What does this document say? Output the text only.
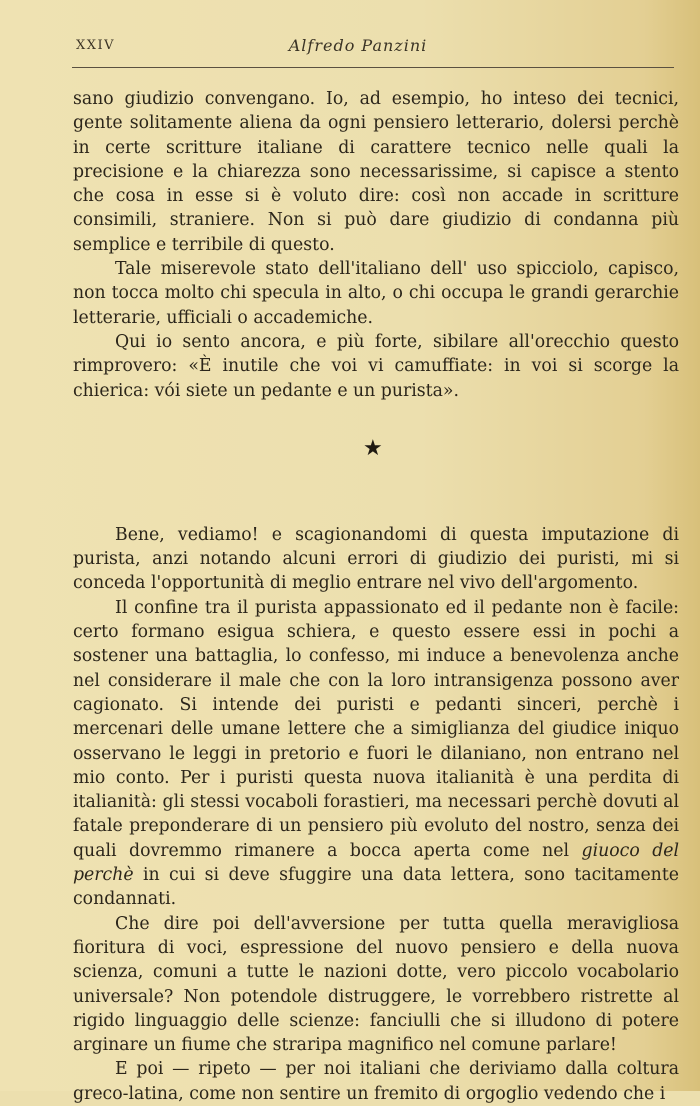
XXIV	Alfredo Panzini

sano giudizio convengano. Io, ad esempio, ho inteso dei tecnici, gente solitamente aliena da ogni pensiero letterario, dolersi perchè in certe scritture italiane di carattere tecnico nelle quali la precisione e la chiarezza sono necessarissime, si capisce a stento che cosa in esse si è voluto dire: così non accade in scritture consimili, straniere. Non si può dare giudizio di condanna più semplice e terribile di questo.

Tale miserevole stato dell'italiano dell' uso spicciolo, capisco, non tocca molto chi specula in alto, o chi occupa le grandi gerarchie letterarie, ufficiali o accademiche.

Qui io sento ancora, e più forte, sibilare all'orecchio questo rimprovero: «È inutile che voi vi camuffiate: in voi si scorge la chierica: vói siete un pedante e un purista».

★

Bene, vediamo! e scagionandomi di questa imputazione di purista, anzi notando alcuni errori di giudizio dei puristi, mi si conceda l'opportunità di meglio entrare nel vivo dell'argomento.

Il confine tra il purista appassionato ed il pedante non è facile: certo formano esigua schiera, e questo essere essi in pochi a sostener una battaglia, lo confesso, mi induce a benevolenza anche nel considerare il male che con la loro intransigenza possono aver cagionato. Si intende dei puristi e pedanti sinceri, perchè i mercenari delle umane lettere che a simiglianza del giudice iniquo osservano le leggi in pretorio e fuori le dilaniano, non entrano nel mio conto. Per i puristi questa nuova italianità è una perdita di italianità: gli stessi vocaboli forastieri, ma necessari perchè dovuti al fatale preponderare di un pensiero più evoluto del nostro, senza dei quali dovremmo rimanere a bocca aperta come nel giuoco del perchè in cui si deve sfuggire una data lettera, sono tacitamente condannati.

Che dire poi dell'avversione per tutta quella meravigliosa fioritura di voci, espressione del nuovo pensiero e della nuova scienza, comuni a tutte le nazioni dotte, vero piccolo vocabolario universale? Non potendole distruggere, le vorrebbero ristrette al rigido linguaggio delle scienze: fanciulli che si illudono di potere arginare un fiume che straripa magnifico nel comune parlare!

E poi — ripeto — per noi italiani che deriviamo dalla coltura greco-latina, come non sentire un fremito di orgoglio vedendo che i
